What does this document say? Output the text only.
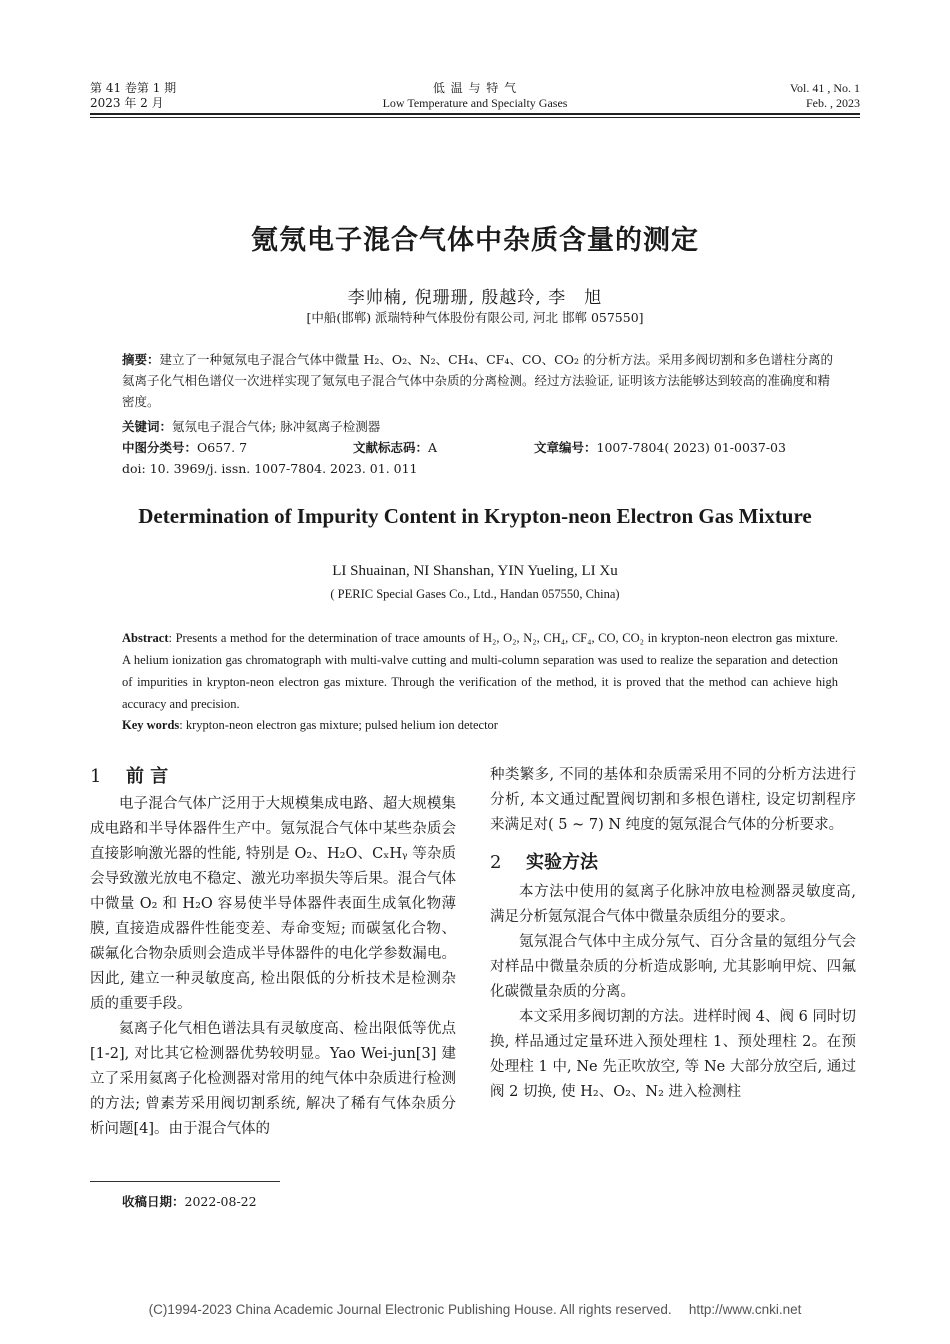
第 41 卷第 1 期
2023 年 2 月
低 温 与 特 气
Low Temperature and Specialty Gases
Vol. 41 , No. 1
Feb. , 2023
氪氖电子混合气体中杂质含量的测定
李帅楠, 倪珊珊, 殷越玲, 李　旭
[中船(邯郸) 派瑞特种气体股份有限公司, 河北 邯郸 057550]
摘要：建立了一种氪氖电子混合气体中微量 H₂、O₂、N₂、CH₄、CF₄、CO、CO₂ 的分析方法。采用多阀切割和多色谱柱分离的氦离子化气相色谱仪一次进样实现了氪氖电子混合气体中杂质的分离检测。经过方法验证, 证明该方法能够达到较高的准确度和精密度。
关键词：氪氖电子混合气体; 脉冲氦离子检测器
中图分类号：O657. 7	文献标志码：A	文章编号：1007-7804( 2023) 01-0037-03
doi: 10. 3969/j. issn. 1007-7804. 2023. 01. 011
Determination of Impurity Content in Krypton-neon Electron Gas Mixture
LI Shuainan, NI Shanshan, YIN Yueling, LI Xu
( PERIC Special Gases Co., Ltd., Handan 057550, China)
Abstract: Presents a method for the determination of trace amounts of H₂, O₂, N₂, CH₄, CF₄, CO, CO₂ in krypton-neon electron gas mixture. A helium ionization gas chromatograph with multi-valve cutting and multi-column separation was used to realize the separation and detection of impurities in krypton-neon electron gas mixture. Through the verification of the method, it is proved that the method can achieve high accuracy and precision.
Key words: krypton-neon electron gas mixture; pulsed helium ion detector
1 前 言

电子混合气体广泛用于大规模集成电路、超大规模集成电路和半导体器件生产中。氪氖混合气体中某些杂质会直接影响激光器的性能, 特别是 O₂、H₂O、CₓHᵧ 等杂质会导致激光放电不稳定、激光功率损失等后果。混合气体中微量 O₂ 和 H₂O 容易使半导体器件表面生成氧化物薄膜, 直接造成器件性能变差、寿命变短; 而碳氢化合物、碳氟化合物杂质则会造成半导体器件的电化学参数漏电。因此, 建立一种灵敏度高, 检出限低的分析技术是检测杂质的重要手段。

氦离子化气相色谱法具有灵敏度高、检出限低等优点[1-2], 对比其它检测器优势较明显。Yao Wei-jun[3] 建立了采用氦离子化检测器对常用的纯气体中杂质进行检测的方法; 曾素芳采用阀切割系统, 解决了稀有气体杂质分析问题[4]。由于混合气体的

种类繁多, 不同的基体和杂质需采用不同的分析方法进行分析, 本文通过配置阀切割和多根色谱柱, 设定切割程序来满足对( 5 ~ 7) N 纯度的氪氖混合气体的分析要求。

2 实验方法

本方法中使用的氦离子化脉冲放电检测器灵敏度高, 满足分析氪氖混合气体中微量杂质组分的要求。

氪氖混合气体中主成分氖气、百分含量的氪组分气会对样品中微量杂质的分析造成影响, 尤其影响甲烷、四氟化碳微量杂质的分离。

本文采用多阀切割的方法。进样时阀 4、阀 6 同时切换, 样品通过定量环进入预处理柱 1、预处理柱 2。在预处理柱 1 中, Ne 先正吹放空, 等 Ne 大部分放空后, 通过阀 2 切换, 使 H₂、O₂、N₂ 进入检测柱

收稿日期：2022-08-22
(C)1994-2023 China Academic Journal Electronic Publishing House. All rights reserved.　 http://www.cnki.net
